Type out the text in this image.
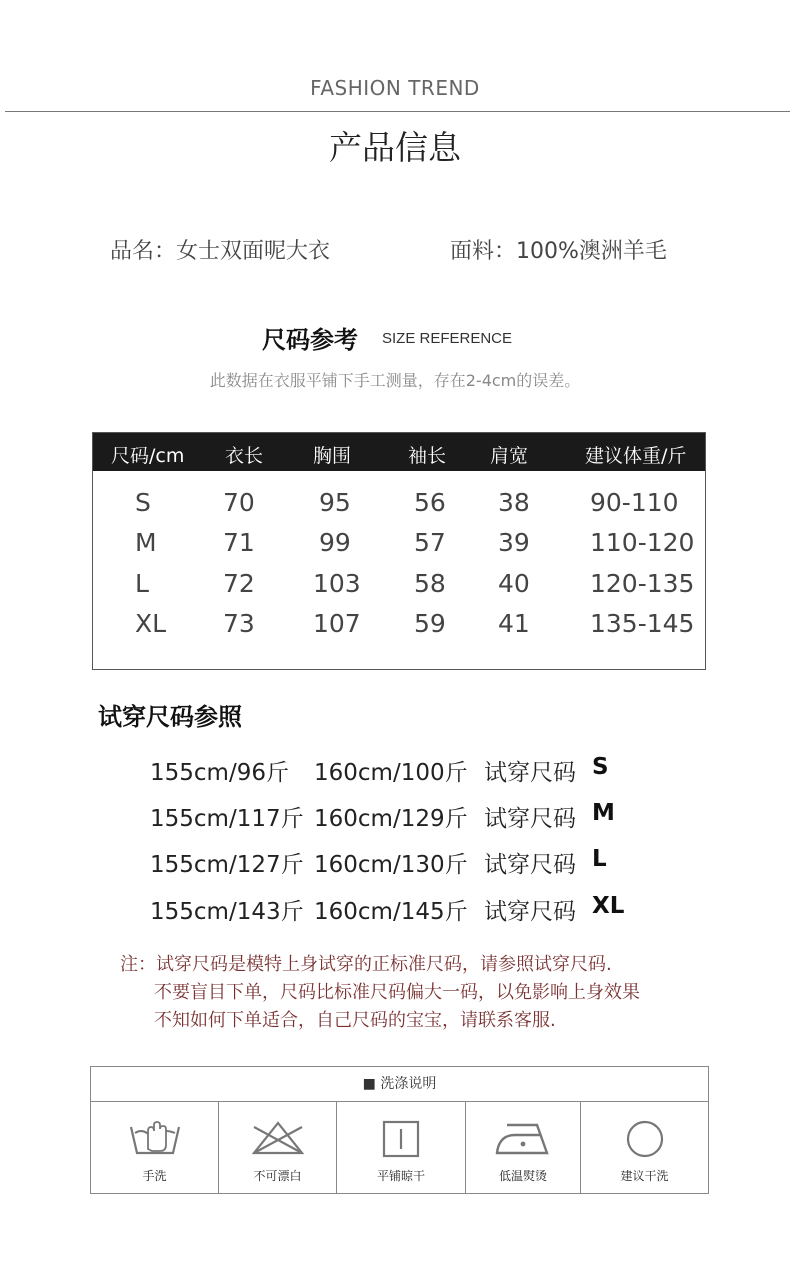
FASHION TREND
产品信息
品名：女士双面呢大衣	面料：100%澳洲羊毛
尺码参考 SIZE REFERENCE
此数据在衣服平铺下手工测量，存在2-4cm的误差。
尺码/cm 衣长	胸围	袖长 肩宽	建议体重/斤
S	70	95	56 38 90-110
M	71	99	57 39 110-120
L	72 103 58 40 120-135
XL 73 107 59 41 135-145
试穿尺码参照
155cm/96斤 160cm/100斤 试穿尺码 S
155cm/117斤 160cm/129斤 试穿尺码 M
155cm/127斤 160cm/130斤 试穿尺码 L
155cm/143斤 160cm/145斤 试穿尺码 XL
注：试穿尺码是模特上身试穿的正标准尺码，请参照试穿尺码.
不要盲目下单，尺码比标准尺码偏大一码，以免影响上身效果
不知如何下单适合，自己尺码的宝宝，请联系客服.
■ 洗涤说明
手洗	不可漂白	平铺晾干	低温熨烫	建议干洗
